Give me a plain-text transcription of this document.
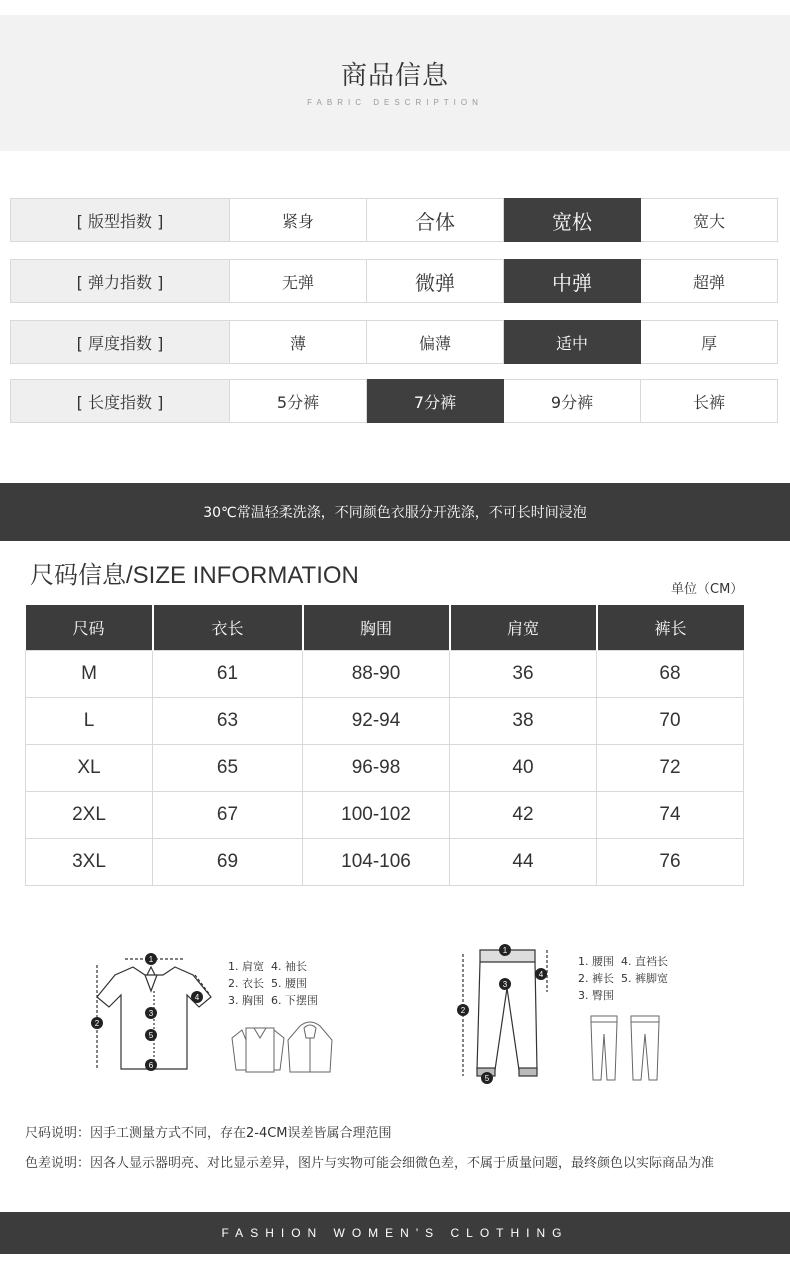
商品信息
FABRIC DESCRIPTION
[ 版型指数 ]	紧身	合体	宽松	宽大
[ 弹力指数 ]	无弹	微弹	中弹	超弹
[ 厚度指数 ]	薄	偏薄	适中	厚
[ 长度指数 ]	5分裤	7分裤	9分裤	长裤
30℃常温轻柔洗涤，不同颜色衣服分开洗涤，不可长时间浸泡
尺码信息/SIZE INFORMATION
单位（CM）
尺码	衣长	胸围	肩宽	裤长
M	61	88-90	36	68
L	63	92-94	38	70
XL	65	96-98	40	72
2XL	67	100-102	42	74
3XL	69	104-106	44	76
1
2
3
4
5
6
1. 肩宽 4. 袖长
2. 衣长 5. 腰围
3. 胸围 6. 下摆围
1
2
3
4
5
1. 腰围 4. 直裆长
2. 裤长 5. 裤脚宽
3. 臀围
尺码说明：因手工测量方式不同，存在2-4CM误差皆属合理范围
色差说明：因各人显示器明亮、对比显示差异，图片与实物可能会细微色差，不属于质量问题，最终颜色以实际商品为准
FASHION WOMEN'S CLOTHING
